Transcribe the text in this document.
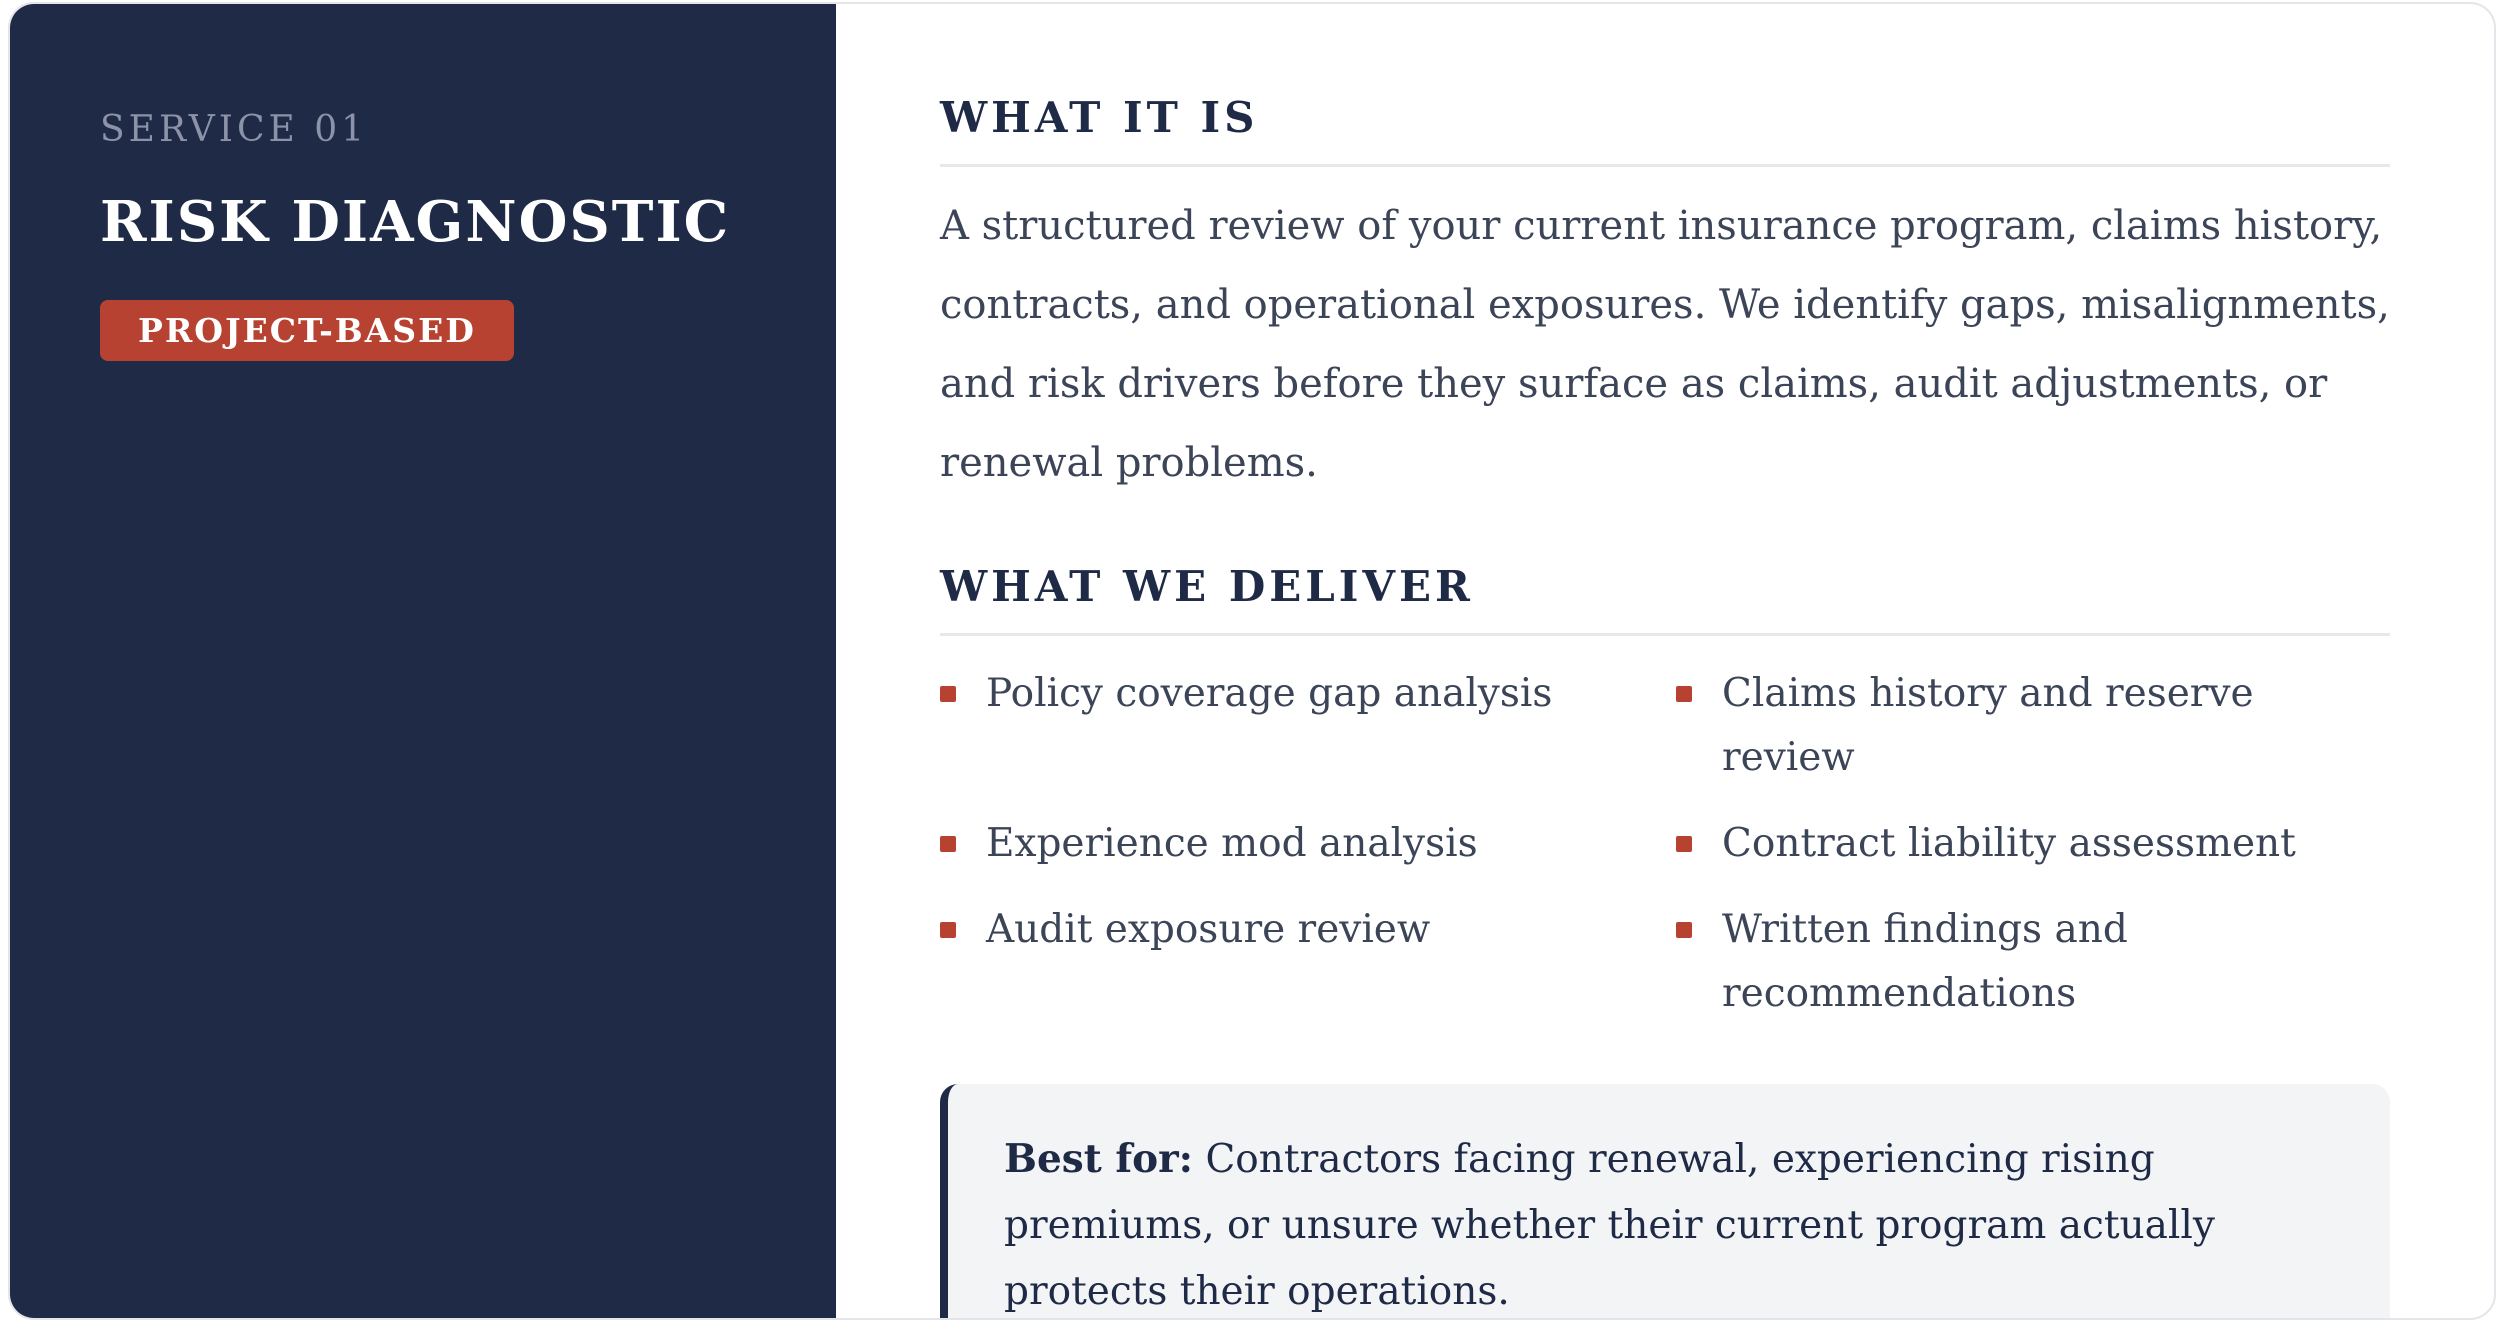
SERVICE 01

RISK DIAGNOSTIC
PROJECT-BASED
WHAT IT IS

A structured review of your current insurance program, claims history, contracts, and operational exposures. We identify gaps, misalignments, and risk drivers before they surface as claims, audit adjustments, or renewal problems.

WHAT WE DELIVER
Policy coverage gap analysis	Claims history and reserve review
Experience mod analysis	Contract liability assessment
Audit exposure review	Written findings and recommendations
Best for: Contractors facing renewal, experiencing rising premiums, or unsure whether their current program actually protects their operations.
